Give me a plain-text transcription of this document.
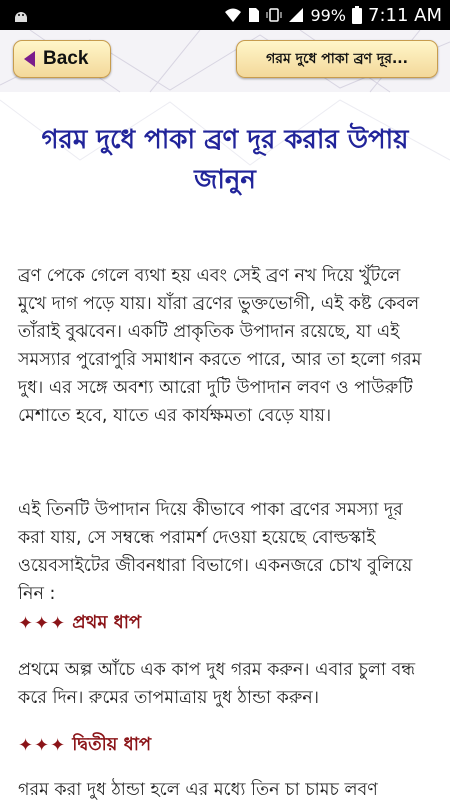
99% 7:11 AM
Back	গরম দুধে পাকা ব্রণ দূর...
গরম দুধে পাকা ব্রণ দূর করার উপায় জানুন
ব্রণ পেকে গেলে ব্যথা হয় এবং সেই ব্রণ নখ দিয়ে খুঁটলে মুখে দাগ পড়ে যায়। যাঁরা ব্রণের ভুক্তভোগী, এই কষ্ট কেবল তাঁরাই বুঝবেন। একটি প্রাকৃতিক উপাদান রয়েছে, যা এই সমস্যার পুরোপুরি সমাধান করতে পারে, আর তা হলো গরম দুধ। এর সঙ্গে অবশ্য আরো দুটি উপাদান লবণ ও পাউরুটি মেশাতে হবে, যাতে এর কার্যক্ষমতা বেড়ে যায়।
এই তিনটি উপাদান দিয়ে কীভাবে পাকা ব্রণের সমস্যা দূর করা যায়, সে সম্বন্ধে পরামর্শ দেওয়া হয়েছে বোল্ডস্কাই ওয়েবসাইটের জীবনধারা বিভাগে। একনজরে চোখ বুলিয়ে নিন :
✦✦✦ প্রথম ধাপ
প্রথমে অল্প আঁচে এক কাপ দুধ গরম করুন। এবার চুলা বন্ধ করে দিন। রুমের তাপমাত্রায় দুধ ঠান্ডা করুন।
✦✦✦ দ্বিতীয় ধাপ
গরম করা দুধ ঠান্ডা হলে এর মধ্যে তিন চা চামচ লবণ
